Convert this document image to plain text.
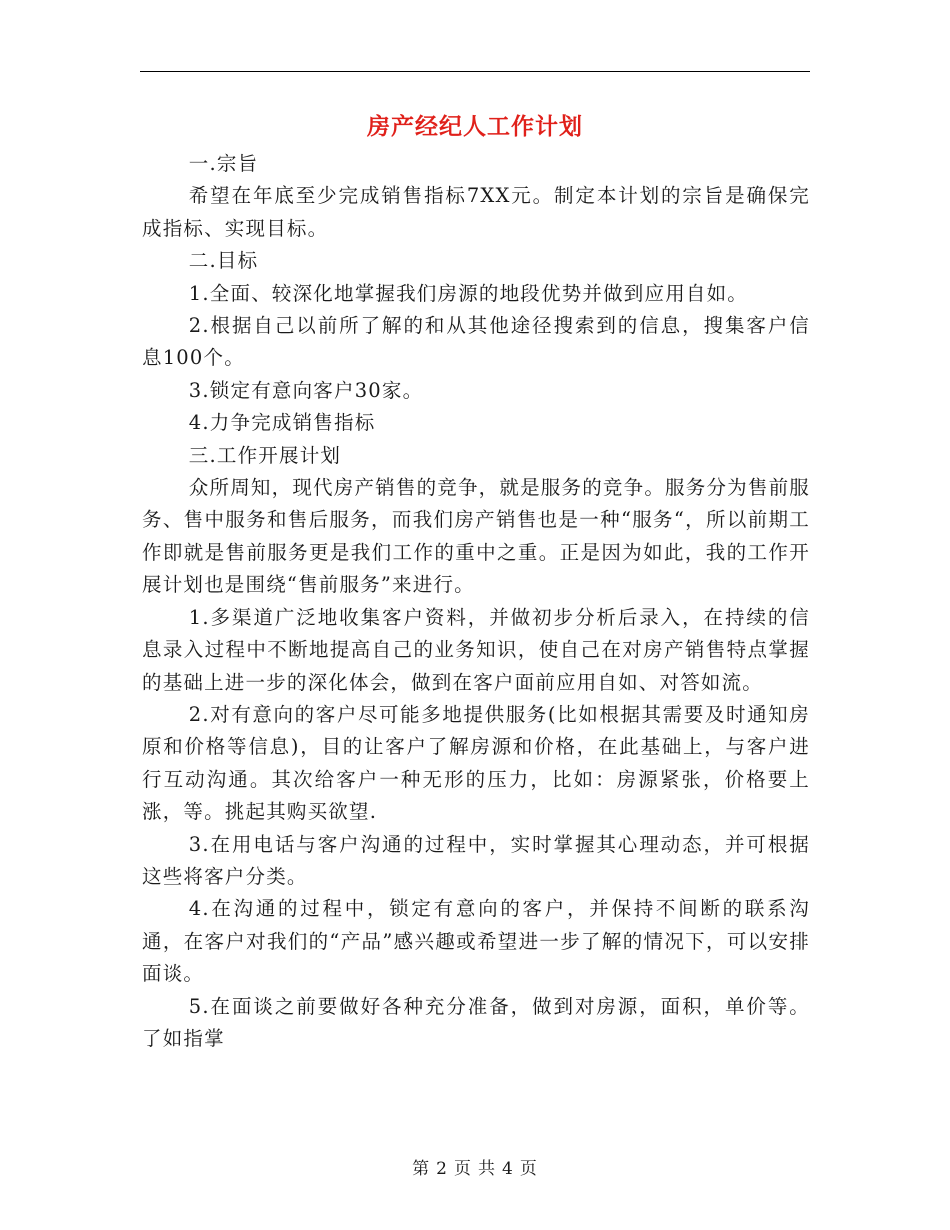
房产经纪人工作计划

一.宗旨

希望在年底至少完成销售指标7XX元。制定本计划的宗旨是确保完成指标、实现目标。

二.目标

1.全面、较深化地掌握我们房源的地段优势并做到应用自如。

2.根据自己以前所了解的和从其他途径搜索到的信息，搜集客户信息100个。

3.锁定有意向客户30家。

4.力争完成销售指标

三.工作开展计划

众所周知，现代房产销售的竞争，就是服务的竞争。服务分为售前服务、售中服务和售后服务，而我们房产销售也是一种“服务“，所以前期工作即就是售前服务更是我们工作的重中之重。正是因为如此，我的工作开展计划也是围绕“售前服务”来进行。

1.多渠道广泛地收集客户资料，并做初步分析后录入，在持续的信息录入过程中不断地提高自己的业务知识，使自己在对房产销售特点掌握的基础上进一步的深化体会，做到在客户面前应用自如、对答如流。

2.对有意向的客户尽可能多地提供服务(比如根据其需要及时通知房原和价格等信息)，目的让客户了解房源和价格，在此基础上，与客户进行互动沟通。其次给客户一种无形的压力，比如：房源紧张，价格要上涨，等。挑起其购买欲望.

3.在用电话与客户沟通的过程中，实时掌握其心理动态，并可根据这些将客户分类。

4.在沟通的过程中，锁定有意向的客户，并保持不间断的联系沟通，在客户对我们的“产品”感兴趣或希望进一步了解的情况下，可以安排面谈。

5.在面谈之前要做好各种充分准备，做到对房源，面积，单价等。了如指掌

第 2 页 共 4 页
